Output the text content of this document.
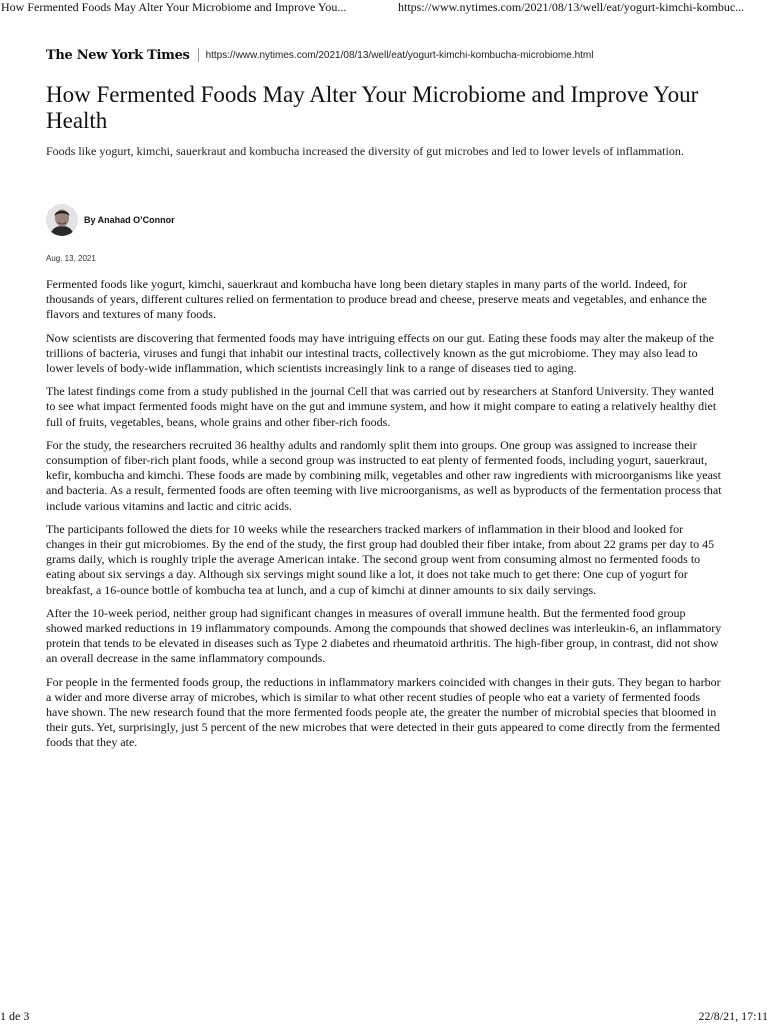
How Fermented Foods May Alter Your Microbiome and Improve You...	https://www.nytimes.com/2021/08/13/well/eat/yogurt-kimchi-kombuc...
The New York Times https://www.nytimes.com/2021/08/13/well/eat/yogurt-kimchi-kombucha-microbiome.html
How Fermented Foods May Alter Your Microbiome and Improve Your Health

Foods like yogurt, kimchi, sauerkraut and kombucha increased the diversity of gut microbes and led to lower levels of inflammation.

By Anahad O’Connor
Aug. 13, 2021

Fermented foods like yogurt, kimchi, sauerkraut and kombucha have long been dietary staples in many parts of the world. Indeed, for thousands of years, different cultures relied on fermentation to produce bread and cheese, preserve meats and vegetables, and enhance the flavors and textures of many foods.

Now scientists are discovering that fermented foods may have intriguing effects on our gut. Eating these foods may alter the makeup of the trillions of bacteria, viruses and fungi that inhabit our intestinal tracts, collectively known as the gut microbiome. They may also lead to lower levels of body-wide inflammation, which scientists increasingly link to a range of diseases tied to aging.

The latest findings come from a study published in the journal Cell that was carried out by researchers at Stanford University. They wanted to see what impact fermented foods might have on the gut and immune system, and how it might compare to eating a relatively healthy diet full of fruits, vegetables, beans, whole grains and other fiber-rich foods.

For the study, the researchers recruited 36 healthy adults and randomly split them into groups. One group was assigned to increase their consumption of fiber-rich plant foods, while a second group was instructed to eat plenty of fermented foods, including yogurt, sauerkraut, kefir, kombucha and kimchi. These foods are made by combining milk, vegetables and other raw ingredients with microorganisms like yeast and bacteria. As a result, fermented foods are often teeming with live microorganisms, as well as byproducts of the fermentation process that include various vitamins and lactic and citric acids.

The participants followed the diets for 10 weeks while the researchers tracked markers of inflammation in their blood and looked for changes in their gut microbiomes. By the end of the study, the first group had doubled their fiber intake, from about 22 grams per day to 45 grams daily, which is roughly triple the average American intake. The second group went from consuming almost no fermented foods to eating about six servings a day. Although six servings might sound like a lot, it does not take much to get there: One cup of yogurt for breakfast, a 16-ounce bottle of kombucha tea at lunch, and a cup of kimchi at dinner amounts to six daily servings.

After the 10-week period, neither group had significant changes in measures of overall immune health. But the fermented food group showed marked reductions in 19 inflammatory compounds. Among the compounds that showed declines was interleukin-6, an inflammatory protein that tends to be elevated in diseases such as Type 2 diabetes and rheumatoid arthritis. The high-fiber group, in contrast, did not show an overall decrease in the same inflammatory compounds.

For people in the fermented foods group, the reductions in inflammatory markers coincided with changes in their guts. They began to harbor a wider and more diverse array of microbes, which is similar to what other recent studies of people who eat a variety of fermented foods have shown. The new research found that the more fermented foods people ate, the greater the number of microbial species that bloomed in their guts. Yet, surprisingly, just 5 percent of the new microbes that were detected in their guts appeared to come directly from the fermented foods that they ate.

1 de 3	22/8/21, 17:11
